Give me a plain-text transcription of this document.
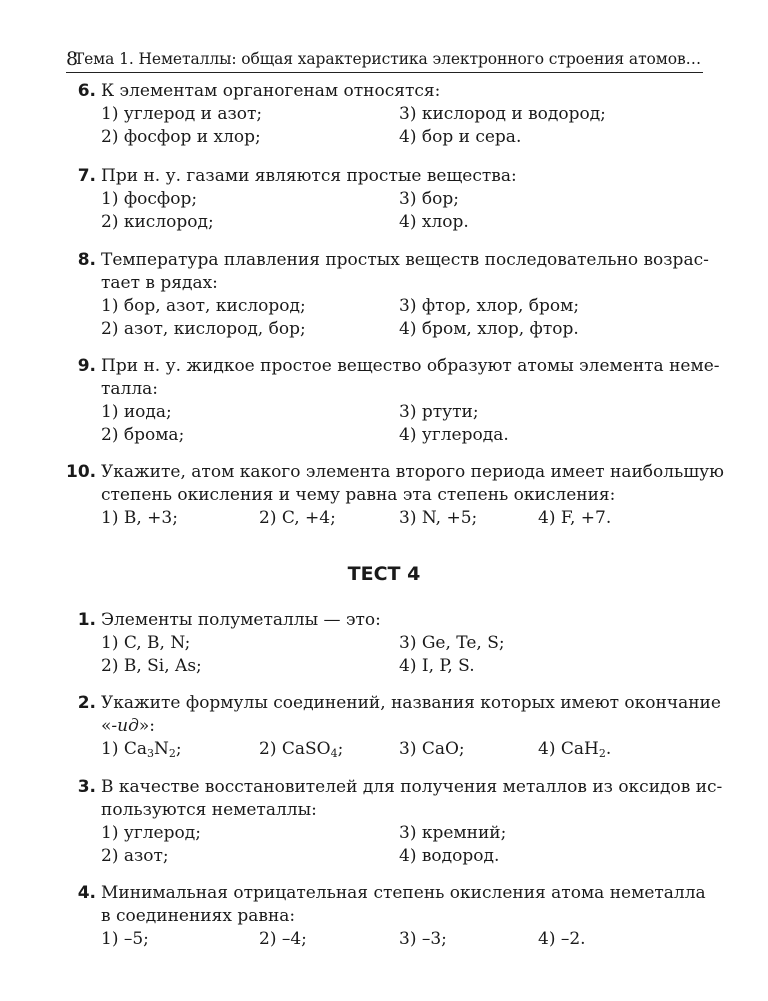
8
Тема 1. Неметаллы: общая характеристика электронного строения атомов…
6. К элементам органогенам относятся:
1) углерод и азот;	3) кислород и водород;
2) фосфор и хлор;	4) бор и сера.
7. При н. у. газами являются простые вещества:
1) фосфор;	3) бор;
2) кислород;	4) хлор.
8. Температура плавления простых веществ последовательно возрас-
тает в рядах:
1) бор, азот, кислород;	3) фтор, хлор, бром;
2) азот, кислород, бор;	4) бром, хлор, фтор.
9. При н. у. жидкое простое вещество образуют атомы элемента неме-
талла:
1) иода;	3) ртути;
2) брома;	4) углерода.
10. Укажите, атом какого элемента второго периода имеет наибольшую
степень окисления и чему равна эта степень окисления:
1) B, +3;	2) C, +4;	3) N, +5;	4) F, +7.
ТЕСТ 4
1. Элементы полуметаллы — это:
1) C, B, N;	3) Ge, Te, S;
2) B, Si, As;	4) I, P, S.
2. Укажите формулы соединений, названия которых имеют окончание
«-ид»:
1) $Ca_3N_2$;	2) CaSO$_4$;	3) CaO;	4) CaH$_2$.
3. В качестве восстановителей для получения металлов из оксидов ис-
пользуются неметаллы:
1) углерод;	3) кремний;
2) азот;	4) водород.
4. Минимальная отрицательная степень окисления атома неметалла
в соединениях равна:
1) –5;	2) –4;	3) –3;	4) –2.
